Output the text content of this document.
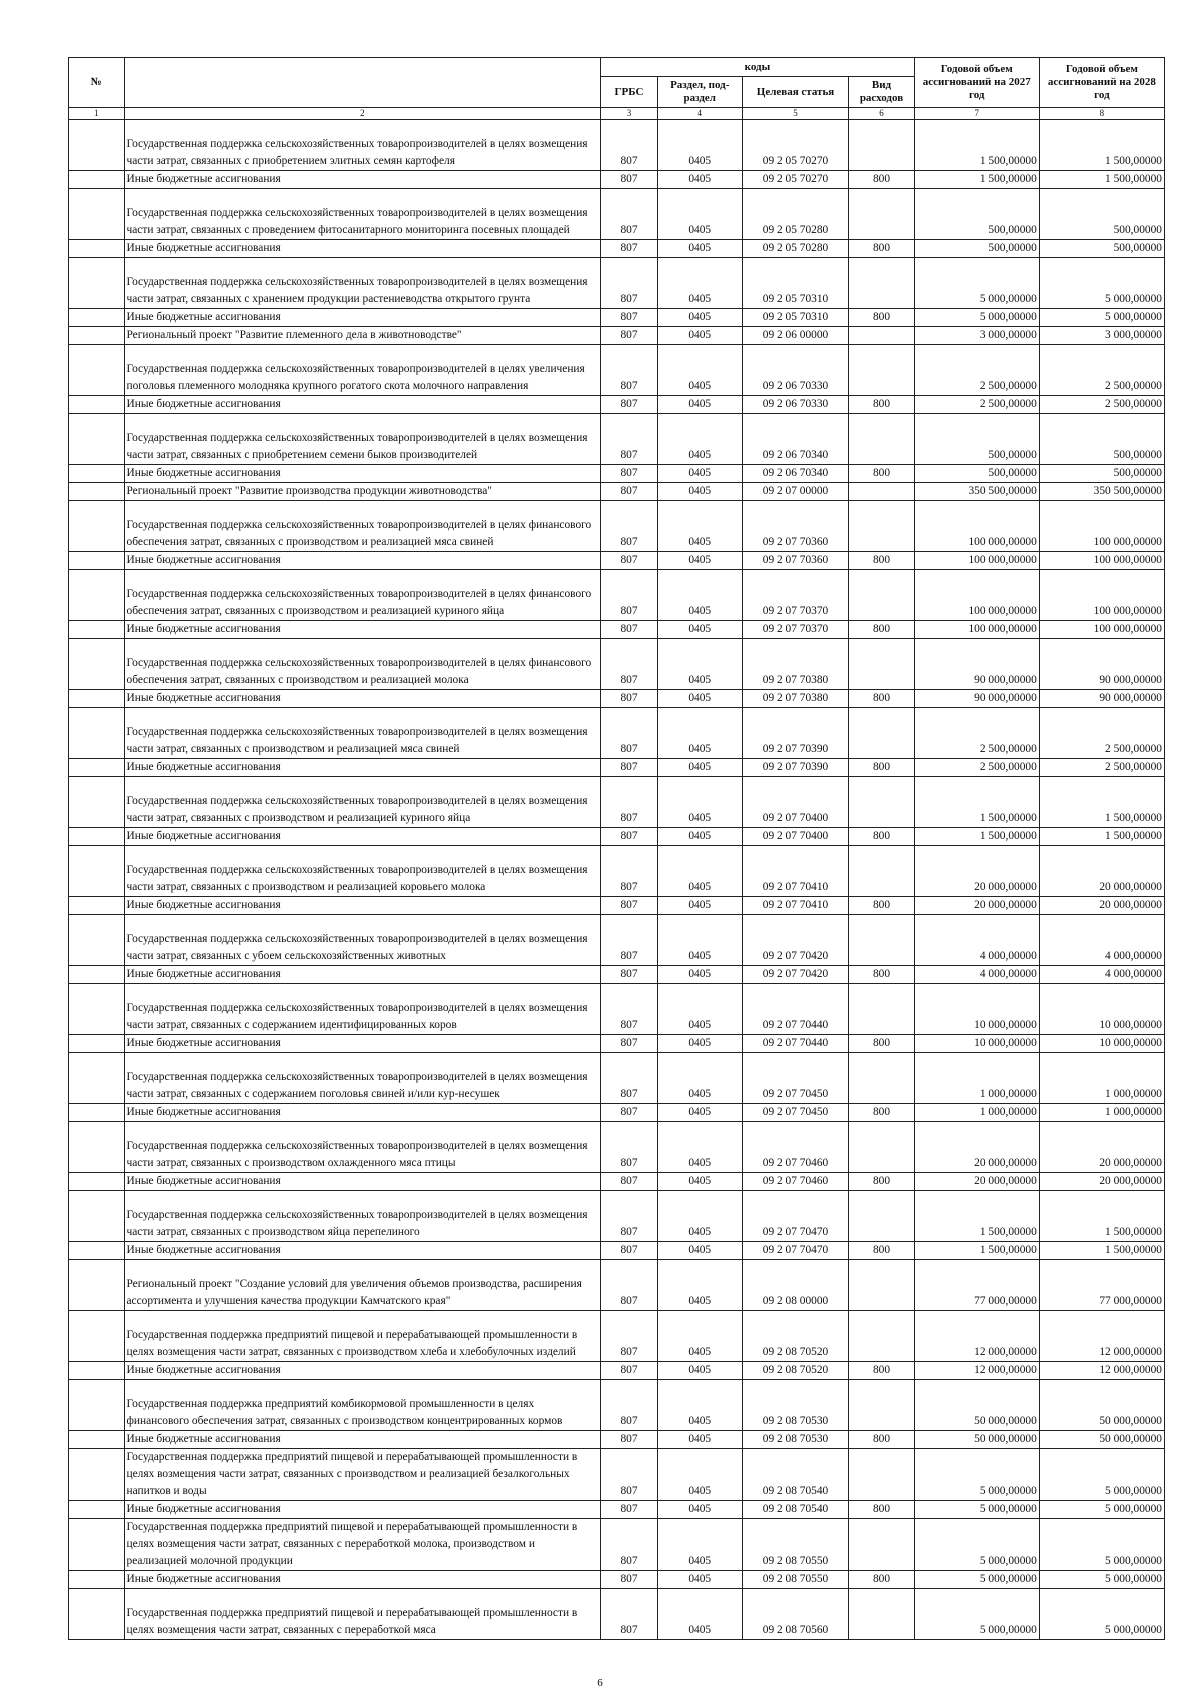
№		коды				Годовой объем ассигнований на 2027 год	Годовой объем ассигнований на 2028 год
		ГРБС	Раздел, под-раздел	Целевая статья	Вид расходов		
1	2	3	4	5	6	7	8
	Государственная поддержка сельскохозяйственных товаропроизводителей в целях возмещения части затрат, связанных с приобретением элитных семян картофеля	807	0405	09 2 05 70270		1 500,00000	1 500,00000
	Иные бюджетные ассигнования	807	0405	09 2 05 70270	800	1 500,00000	1 500,00000
	Государственная поддержка сельскохозяйственных товаропроизводителей в целях возмещения части затрат, связанных с проведением фитосанитарного мониторинга посевных площадей	807	0405	09 2 05 70280		500,00000	500,00000
	Иные бюджетные ассигнования	807	0405	09 2 05 70280	800	500,00000	500,00000
	Государственная поддержка сельскохозяйственных товаропроизводителей в целях возмещения части затрат, связанных с хранением продукции растениеводства открытого грунта	807	0405	09 2 05 70310		5 000,00000	5 000,00000
	Иные бюджетные ассигнования	807	0405	09 2 05 70310	800	5 000,00000	5 000,00000
	Региональный проект "Развитие племенного дела в животноводстве"	807	0405	09 2 06 00000		3 000,00000	3 000,00000
	Государственная поддержка сельскохозяйственных товаропроизводителей в целях увеличения поголовья племенного молодняка крупного рогатого скота молочного направления	807	0405	09 2 06 70330		2 500,00000	2 500,00000
	Иные бюджетные ассигнования	807	0405	09 2 06 70330	800	2 500,00000	2 500,00000
	Государственная поддержка сельскохозяйственных товаропроизводителей в целях возмещения части затрат, связанных с приобретением семени быков производителей	807	0405	09 2 06 70340		500,00000	500,00000
	Иные бюджетные ассигнования	807	0405	09 2 06 70340	800	500,00000	500,00000
	Региональный проект "Развитие производства продукции животноводства"	807	0405	09 2 07 00000		350 500,00000	350 500,00000
	Государственная поддержка сельскохозяйственных товаропроизводителей в целях финансового обеспечения затрат, связанных с производством и реализацией мяса свиней	807	0405	09 2 07 70360		100 000,00000	100 000,00000
	Иные бюджетные ассигнования	807	0405	09 2 07 70360	800	100 000,00000	100 000,00000
	Государственная поддержка сельскохозяйственных товаропроизводителей в целях финансового обеспечения затрат, связанных с производством и реализацией куриного яйца	807	0405	09 2 07 70370		100 000,00000	100 000,00000
	Иные бюджетные ассигнования	807	0405	09 2 07 70370	800	100 000,00000	100 000,00000
	Государственная поддержка сельскохозяйственных товаропроизводителей в целях финансового обеспечения затрат, связанных с производством и реализацией молока	807	0405	09 2 07 70380		90 000,00000	90 000,00000
	Иные бюджетные ассигнования	807	0405	09 2 07 70380	800	90 000,00000	90 000,00000
	Государственная поддержка сельскохозяйственных товаропроизводителей в целях возмещения части затрат, связанных с производством и реализацией мяса свиней	807	0405	09 2 07 70390		2 500,00000	2 500,00000
	Иные бюджетные ассигнования	807	0405	09 2 07 70390	800	2 500,00000	2 500,00000
	Государственная поддержка сельскохозяйственных товаропроизводителей в целях возмещения части затрат, связанных с производством и реализацией куриного яйца	807	0405	09 2 07 70400		1 500,00000	1 500,00000
	Иные бюджетные ассигнования	807	0405	09 2 07 70400	800	1 500,00000	1 500,00000
	Государственная поддержка сельскохозяйственных товаропроизводителей в целях возмещения части затрат, связанных с производством и реализацией коровьего молока	807	0405	09 2 07 70410		20 000,00000	20 000,00000
	Иные бюджетные ассигнования	807	0405	09 2 07 70410	800	20 000,00000	20 000,00000
	Государственная поддержка сельскохозяйственных товаропроизводителей в целях возмещения части затрат, связанных с убоем сельскохозяйственных животных	807	0405	09 2 07 70420		4 000,00000	4 000,00000
	Иные бюджетные ассигнования	807	0405	09 2 07 70420	800	4 000,00000	4 000,00000
	Государственная поддержка сельскохозяйственных товаропроизводителей в целях возмещения части затрат, связанных с содержанием идентифицированных коров	807	0405	09 2 07 70440		10 000,00000	10 000,00000
	Иные бюджетные ассигнования	807	0405	09 2 07 70440	800	10 000,00000	10 000,00000
	Государственная поддержка сельскохозяйственных товаропроизводителей в целях возмещения части затрат, связанных с содержанием поголовья свиней и/или кур-несушек	807	0405	09 2 07 70450		1 000,00000	1 000,00000
	Иные бюджетные ассигнования	807	0405	09 2 07 70450	800	1 000,00000	1 000,00000
	Государственная поддержка сельскохозяйственных товаропроизводителей в целях возмещения части затрат, связанных с производством охлажденного мяса птицы	807	0405	09 2 07 70460		20 000,00000	20 000,00000
	Иные бюджетные ассигнования	807	0405	09 2 07 70460	800	20 000,00000	20 000,00000
	Государственная поддержка сельскохозяйственных товаропроизводителей в целях возмещения части затрат, связанных с производством яйца перепелиного	807	0405	09 2 07 70470		1 500,00000	1 500,00000
	Иные бюджетные ассигнования	807	0405	09 2 07 70470	800	1 500,00000	1 500,00000
	Региональный проект "Создание условий для увеличения объемов производства, расширения ассортимента и улучшения качества продукции Камчатского края"	807	0405	09 2 08 00000		77 000,00000	77 000,00000
	Государственная поддержка предприятий пищевой и перерабатывающей промышленности в целях возмещения части затрат, связанных с производством хлеба и хлебобулочных изделий	807	0405	09 2 08 70520		12 000,00000	12 000,00000
	Иные бюджетные ассигнования	807	0405	09 2 08 70520	800	12 000,00000	12 000,00000
	Государственная поддержка предприятий комбикормовой промышленности в целях финансового обеспечения затрат, связанных с производством концентрированных кормов	807	0405	09 2 08 70530		50 000,00000	50 000,00000
	Иные бюджетные ассигнования	807	0405	09 2 08 70530	800	50 000,00000	50 000,00000
	Государственная поддержка предприятий пищевой и перерабатывающей промышленности в целях возмещения части затрат, связанных с производством и реализацией безалкогольных напитков и воды	807	0405	09 2 08 70540		5 000,00000	5 000,00000
	Иные бюджетные ассигнования	807	0405	09 2 08 70540	800	5 000,00000	5 000,00000
	Государственная поддержка предприятий пищевой и перерабатывающей промышленности в целях возмещения части затрат, связанных с переработкой молока, производством и реализацией молочной продукции	807	0405	09 2 08 70550		5 000,00000	5 000,00000
	Иные бюджетные ассигнования	807	0405	09 2 08 70550	800	5 000,00000	5 000,00000
	Государственная поддержка предприятий пищевой и перерабатывающей промышленности в целях возмещения части затрат, связанных с переработкой мяса	807	0405	09 2 08 70560		5 000,00000	5 000,00000
6
